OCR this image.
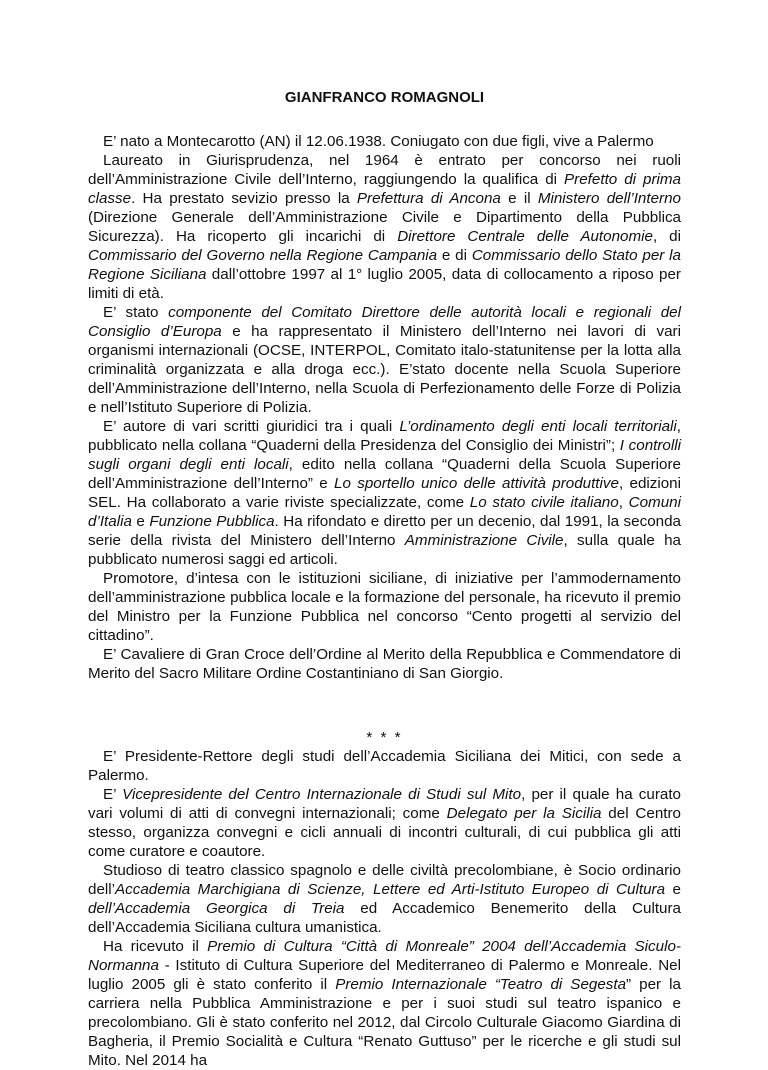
GIANFRANCO ROMAGNOLI

E’ nato a Montecarotto (AN) il 12.06.1938. Coniugato con due figli, vive a Palermo

Laureato in Giurisprudenza, nel 1964 è entrato per concorso nei ruoli dell’Amministrazione Civile dell’Interno, raggiungendo la qualifica di Prefetto di prima classe. Ha prestato sevizio presso la Prefettura di Ancona e il Ministero dell’Interno (Direzione Generale dell’Amministrazione Civile e Dipartimento della Pubblica Sicurezza). Ha ricoperto gli incarichi di Direttore Centrale delle Autonomie, di Commissario del Governo nella Regione Campania e di Commissario dello Stato per la Regione Siciliana dall’ottobre 1997 al 1° luglio 2005, data di collocamento a riposo per limiti di età.

E’ stato componente del Comitato Direttore delle autorità locali e regionali del Consiglio d’Europa e ha rappresentato il Ministero dell’Interno nei lavori di vari organismi internazionali (OCSE, INTERPOL, Comitato italo-statunitense per la lotta alla criminalità organizzata e alla droga ecc.). E’stato docente nella Scuola Superiore dell’Amministrazione dell’Interno, nella Scuola di Perfezionamento delle Forze di Polizia e nell’Istituto Superiore di Polizia.

E’ autore di vari scritti giuridici tra i quali L’ordinamento degli enti locali territoriali, pubblicato nella collana “Quaderni della Presidenza del Consiglio dei Ministri”; I controlli sugli organi degli enti locali, edito nella collana “Quaderni della Scuola Superiore dell’Amministrazione dell’Interno” e Lo sportello unico delle attività produttive, edizioni SEL. Ha collaborato a varie riviste specializzate, come Lo stato civile italiano, Comuni d’Italia e Funzione Pubblica. Ha rifondato e diretto per un decenio, dal 1991, la seconda serie della rivista del Ministero dell’Interno Amministrazione Civile, sulla quale ha pubblicato numerosi saggi ed articoli.

Promotore, d’intesa con le istituzioni siciliane, di iniziative per l’ammodernamento dell’amministrazione pubblica locale e la formazione del personale, ha ricevuto il premio del Ministro per la Funzione Pubblica nel concorso “Cento progetti al servizio del cittadino”.

E’ Cavaliere di Gran Croce dell’Ordine al Merito della Repubblica e Commendatore di Merito del Sacro Militare Ordine Costantiniano di San Giorgio.

* * *

E’ Presidente-Rettore degli studi dell’Accademia Siciliana dei Mitici, con sede a Palermo.

E’ Vicepresidente del Centro Internazionale di Studi sul Mito, per il quale ha curato vari volumi di atti di convegni internazionali; come Delegato per la Sicilia del Centro stesso, organizza convegni e cicli annuali di incontri culturali, di cui pubblica gli atti come curatore e coautore.

Studioso di teatro classico spagnolo e delle civiltà precolombiane, è Socio ordinario dell’Accademia Marchigiana di Scienze, Lettere ed Arti-Istituto Europeo di Cultura e dell’Accademia Georgica di Treia ed Accademico Benemerito della Cultura dell’Accademia Siciliana cultura umanistica.

Ha ricevuto il Premio di Cultura “Città di Monreale” 2004 dell’Accademia Siculo-Normanna - Istituto di Cultura Superiore del Mediterraneo di Palermo e Monreale. Nel luglio 2005 gli è stato conferito il Premio Internazionale “Teatro di Segesta” per la carriera nella Pubblica Amministrazione e per i suoi studi sul teatro ispanico e precolombiano. Gli è stato conferito nel 2012, dal Circolo Culturale Giacomo Giardina di Bagheria, il Premio Socialità e Cultura “Renato Guttuso” per le ricerche e gli studi sul Mito. Nel 2014 ha
